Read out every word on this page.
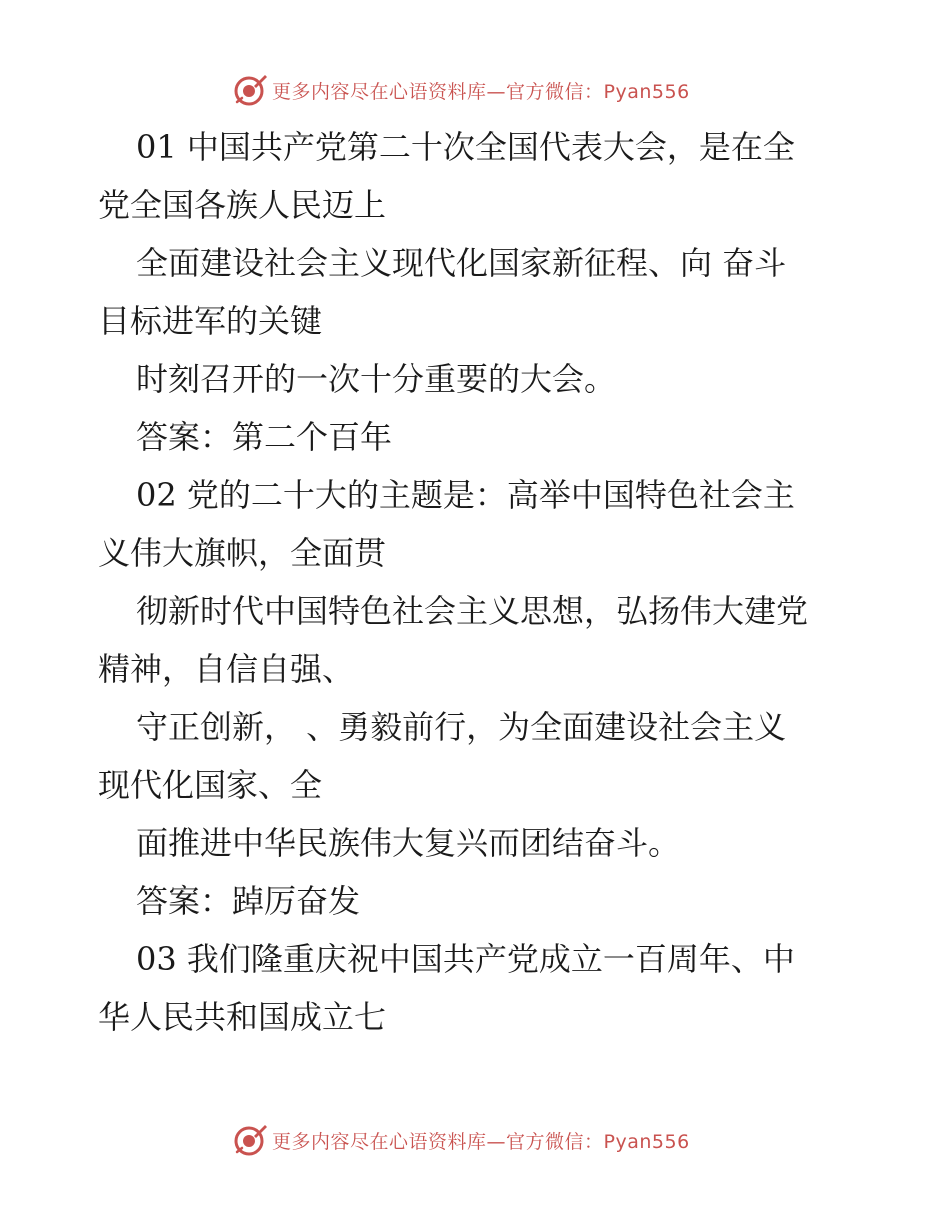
更多内容尽在心语资料库—官方微信：Pyan556
01 中国共产党第二十次全国代表大会，是在全
党全国各族人民迈上
全面建设社会主义现代化国家新征程、向 奋斗
目标进军的关键
时刻召开的一次十分重要的大会。
答案：第二个百年
02 党的二十大的主题是：高举中国特色社会主
义伟大旗帜，全面贯
彻新时代中国特色社会主义思想，弘扬伟大建党
精神，自信自强、
守正创新， 、勇毅前行，为全面建设社会主义
现代化国家、全
面推进中华民族伟大复兴而团结奋斗。
答案：踔厉奋发
03 我们隆重庆祝中国共产党成立一百周年、中
华人民共和国成立七
更多内容尽在心语资料库—官方微信：Pyan556
